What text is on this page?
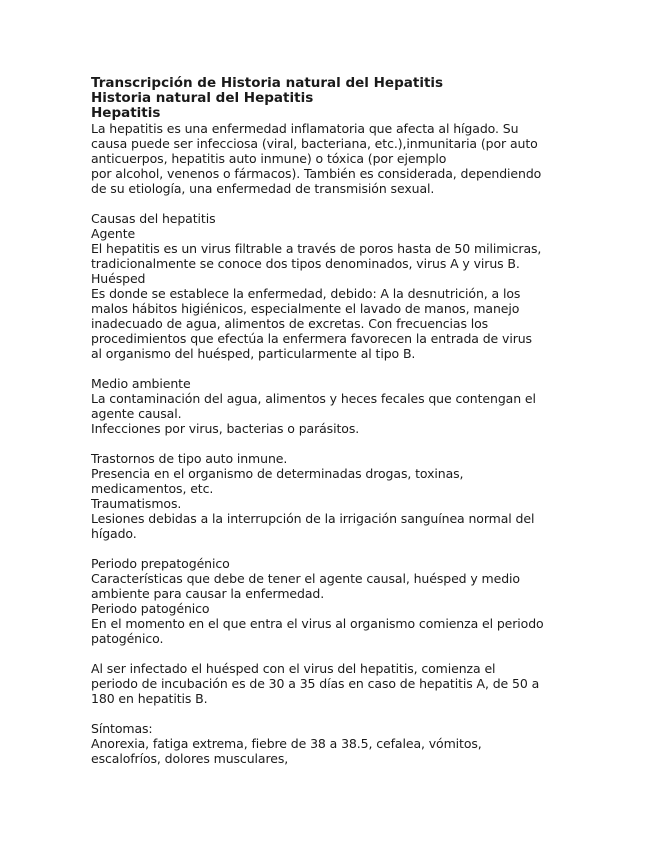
Transcripción de Historia natural del Hepatitis
Historia natural del Hepatitis
Hepatitis
La hepatitis es una enfermedad inflamatoria que afecta al hígado. Su
causa puede ser infecciosa (viral, bacteriana, etc.),inmunitaria (por auto
anticuerpos, hepatitis auto inmune) o tóxica (por ejemplo
por alcohol, venenos o fármacos). También es considerada, dependiendo
de su etiología, una enfermedad de transmisión sexual.
Causas del hepatitis
Agente
El hepatitis es un virus filtrable a través de poros hasta de 50 milimicras,
tradicionalmente se conoce dos tipos denominados, virus A y virus B.
Huésped
Es donde se establece la enfermedad, debido: A la desnutrición, a los
malos hábitos higiénicos, especialmente el lavado de manos, manejo
inadecuado de agua, alimentos de excretas. Con frecuencias los
procedimientos que efectúa la enfermera favorecen la entrada de virus
al organismo del huésped, particularmente al tipo B.
Medio ambiente
La contaminación del agua, alimentos y heces fecales que contengan el
agente causal.
Infecciones por virus, bacterias o parásitos.
Trastornos de tipo auto inmune.
Presencia en el organismo de determinadas drogas, toxinas,
medicamentos, etc.
Traumatismos.
Lesiones debidas a la interrupción de la irrigación sanguínea normal del
hígado.
Periodo prepatogénico
Características que debe de tener el agente causal, huésped y medio
ambiente para causar la enfermedad.
Periodo patogénico
En el momento en el que entra el virus al organismo comienza el periodo
patogénico.
Al ser infectado el huésped con el virus del hepatitis, comienza el
periodo de incubación es de 30 a 35 días en caso de hepatitis A, de 50 a
180 en hepatitis B.
Síntomas:
Anorexia, fatiga extrema, fiebre de 38 a 38.5, cefalea, vómitos,
escalofríos, dolores musculares,
